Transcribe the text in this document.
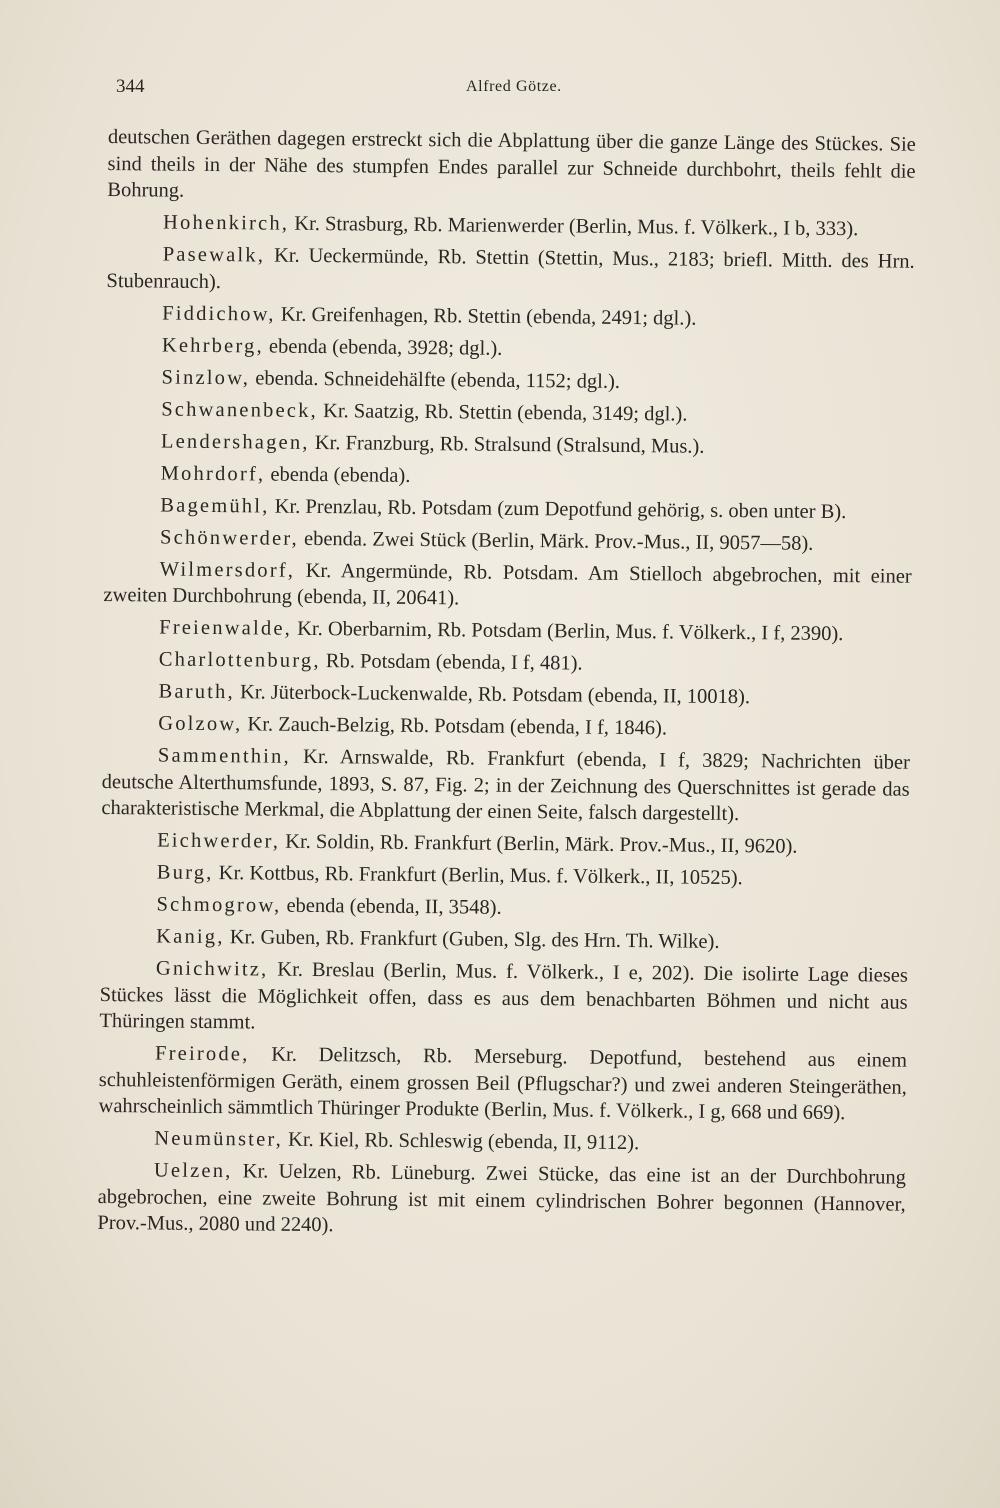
344	Alfred Götze.

deutschen Geräthen dagegen erstreckt sich die Abplattung über die ganze Länge des Stückes. Sie sind theils in der Nähe des stumpfen Endes parallel zur Schneide durchbohrt, theils fehlt die Bohrung.

Hohenkirch, Kr. Strasburg, Rb. Marienwerder (Berlin, Mus. f. Völkerk., I b, 333).

Pasewalk, Kr. Ueckermünde, Rb. Stettin (Stettin, Mus., 2183; briefl. Mitth. des Hrn. Stubenrauch).

Fiddichow, Kr. Greifenhagen, Rb. Stettin (ebenda, 2491; dgl.).

Kehrberg, ebenda (ebenda, 3928; dgl.).

Sinzlow, ebenda. Schneidehälfte (ebenda, 1152; dgl.).

Schwanenbeck, Kr. Saatzig, Rb. Stettin (ebenda, 3149; dgl.).

Lendershagen, Kr. Franzburg, Rb. Stralsund (Stralsund, Mus.).

Mohrdorf, ebenda (ebenda).

Bagemühl, Kr. Prenzlau, Rb. Potsdam (zum Depotfund gehörig, s. oben unter B).

Schönwerder, ebenda. Zwei Stück (Berlin, Märk. Prov.-Mus., II, 9057—58).

Wilmersdorf, Kr. Angermünde, Rb. Potsdam. Am Stielloch abgebrochen, mit einer zweiten Durchbohrung (ebenda, II, 20641).

Freienwalde, Kr. Oberbarnim, Rb. Potsdam (Berlin, Mus. f. Völkerk., I f, 2390).

Charlottenburg, Rb. Potsdam (ebenda, I f, 481).

Baruth, Kr. Jüterbock-Luckenwalde, Rb. Potsdam (ebenda, II, 10018).

Golzow, Kr. Zauch-Belzig, Rb. Potsdam (ebenda, I f, 1846).

Sammenthin, Kr. Arnswalde, Rb. Frankfurt (ebenda, I f, 3829; Nachrichten über deutsche Alterthumsfunde, 1893, S. 87, Fig. 2; in der Zeichnung des Querschnittes ist gerade das charakteristische Merkmal, die Abplattung der einen Seite, falsch dargestellt).

Eichwerder, Kr. Soldin, Rb. Frankfurt (Berlin, Märk. Prov.-Mus., II, 9620).

Burg, Kr. Kottbus, Rb. Frankfurt (Berlin, Mus. f. Völkerk., II, 10525).

Schmogrow, ebenda (ebenda, II, 3548).

Kanig, Kr. Guben, Rb. Frankfurt (Guben, Slg. des Hrn. Th. Wilke).

Gnichwitz, Kr. Breslau (Berlin, Mus. f. Völkerk., I e, 202). Die isolirte Lage dieses Stückes lässt die Möglichkeit offen, dass es aus dem benachbarten Böhmen und nicht aus Thüringen stammt.

Freirode, Kr. Delitzsch, Rb. Merseburg. Depotfund, bestehend aus einem schuhleistenförmigen Geräth, einem grossen Beil (Pflugschar?) und zwei anderen Steingeräthen, wahrscheinlich sämmtlich Thüringer Produkte (Berlin, Mus. f. Völkerk., I g, 668 und 669).

Neumünster, Kr. Kiel, Rb. Schleswig (ebenda, II, 9112).

Uelzen, Kr. Uelzen, Rb. Lüneburg. Zwei Stücke, das eine ist an der Durchbohrung abgebrochen, eine zweite Bohrung ist mit einem cylindrischen Bohrer begonnen (Hannover, Prov.-Mus., 2080 und 2240).
